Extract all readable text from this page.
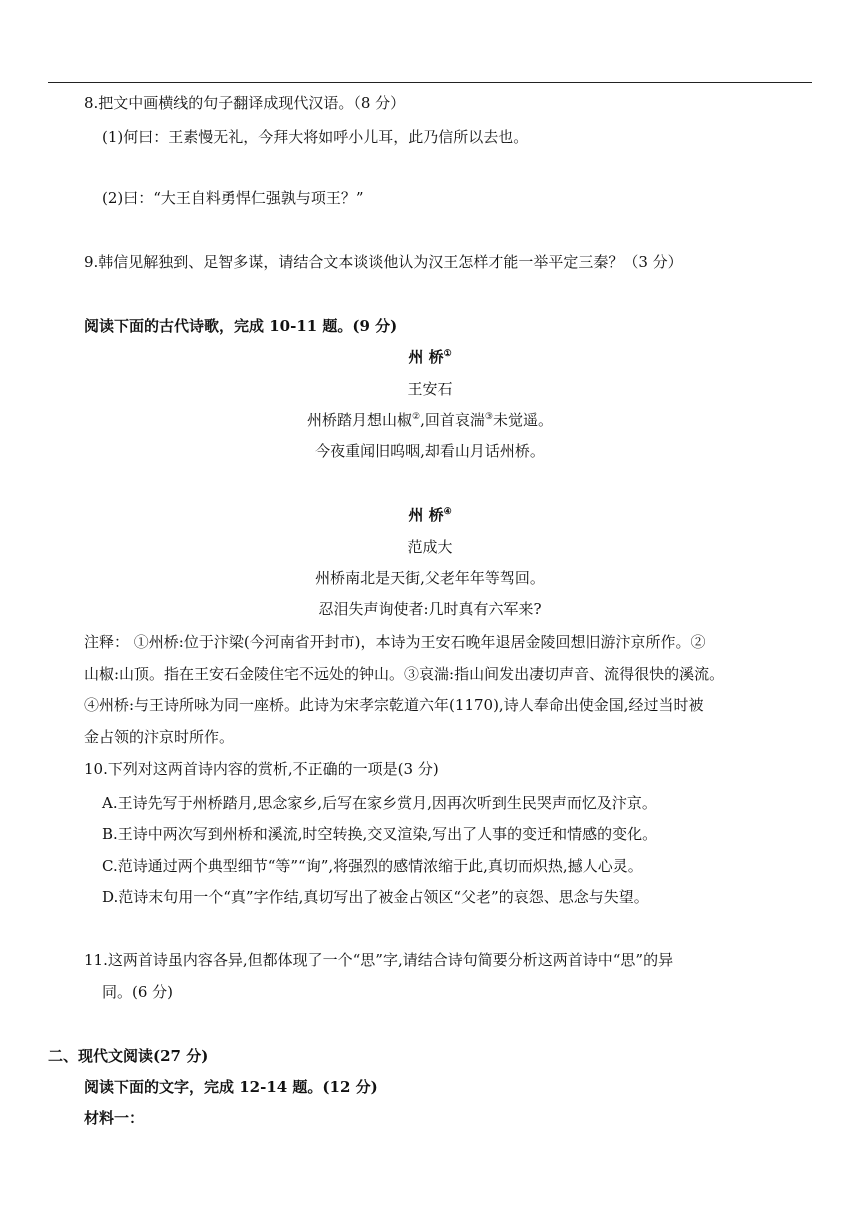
8.把文中画横线的句子翻译成现代汉语。（8 分）
(1)何曰：王素慢无礼，今拜大将如呼小儿耳，此乃信所以去也。
(2)曰：“大王自料勇悍仁强孰与项王？”
9.韩信见解独到、足智多谋，请结合文本谈谈他认为汉王怎样才能一举平定三秦？（3 分）
阅读下面的古代诗歌，完成 10-11 题。(9 分)
州 桥①
王安石
州桥踏月想山椒②,回首哀湍③未觉遥。
今夜重闻旧呜咽,却看山月话州桥。
州 桥④
范成大
州桥南北是天街,父老年年等驾回。
忍泪失声询使者:几时真有六军来?
注释： ①州桥:位于汴梁(今河南省开封市)，本诗为王安石晚年退居金陵回想旧游汴京所作。②
山椒:山顶。指在王安石金陵住宅不远处的钟山。③哀湍:指山间发出凄切声音、流得很快的溪流。
④州桥:与王诗所咏为同一座桥。此诗为宋孝宗乾道六年(1170),诗人奉命出使金国,经过当时被
金占领的汴京时所作。
10.下列对这两首诗内容的赏析,不正确的一项是(3 分)
A.王诗先写于州桥踏月,思念家乡,后写在家乡赏月,因再次听到生民哭声而忆及汴京。
B.王诗中两次写到州桥和溪流,时空转换,交叉渲染,写出了人事的变迁和情感的变化。
C.范诗通过两个典型细节“等”“询”,将强烈的感情浓缩于此,真切而炽热,撼人心灵。
D.范诗末句用一个“真”字作结,真切写出了被金占领区“父老”的哀怨、思念与失望。
11.这两首诗虽内容各异,但都体现了一个“思”字,请结合诗句简要分析这两首诗中“思”的异
同。(6 分)
二、现代文阅读(27 分)
阅读下面的文字，完成 12-14 题。(12 分)
材料一：
